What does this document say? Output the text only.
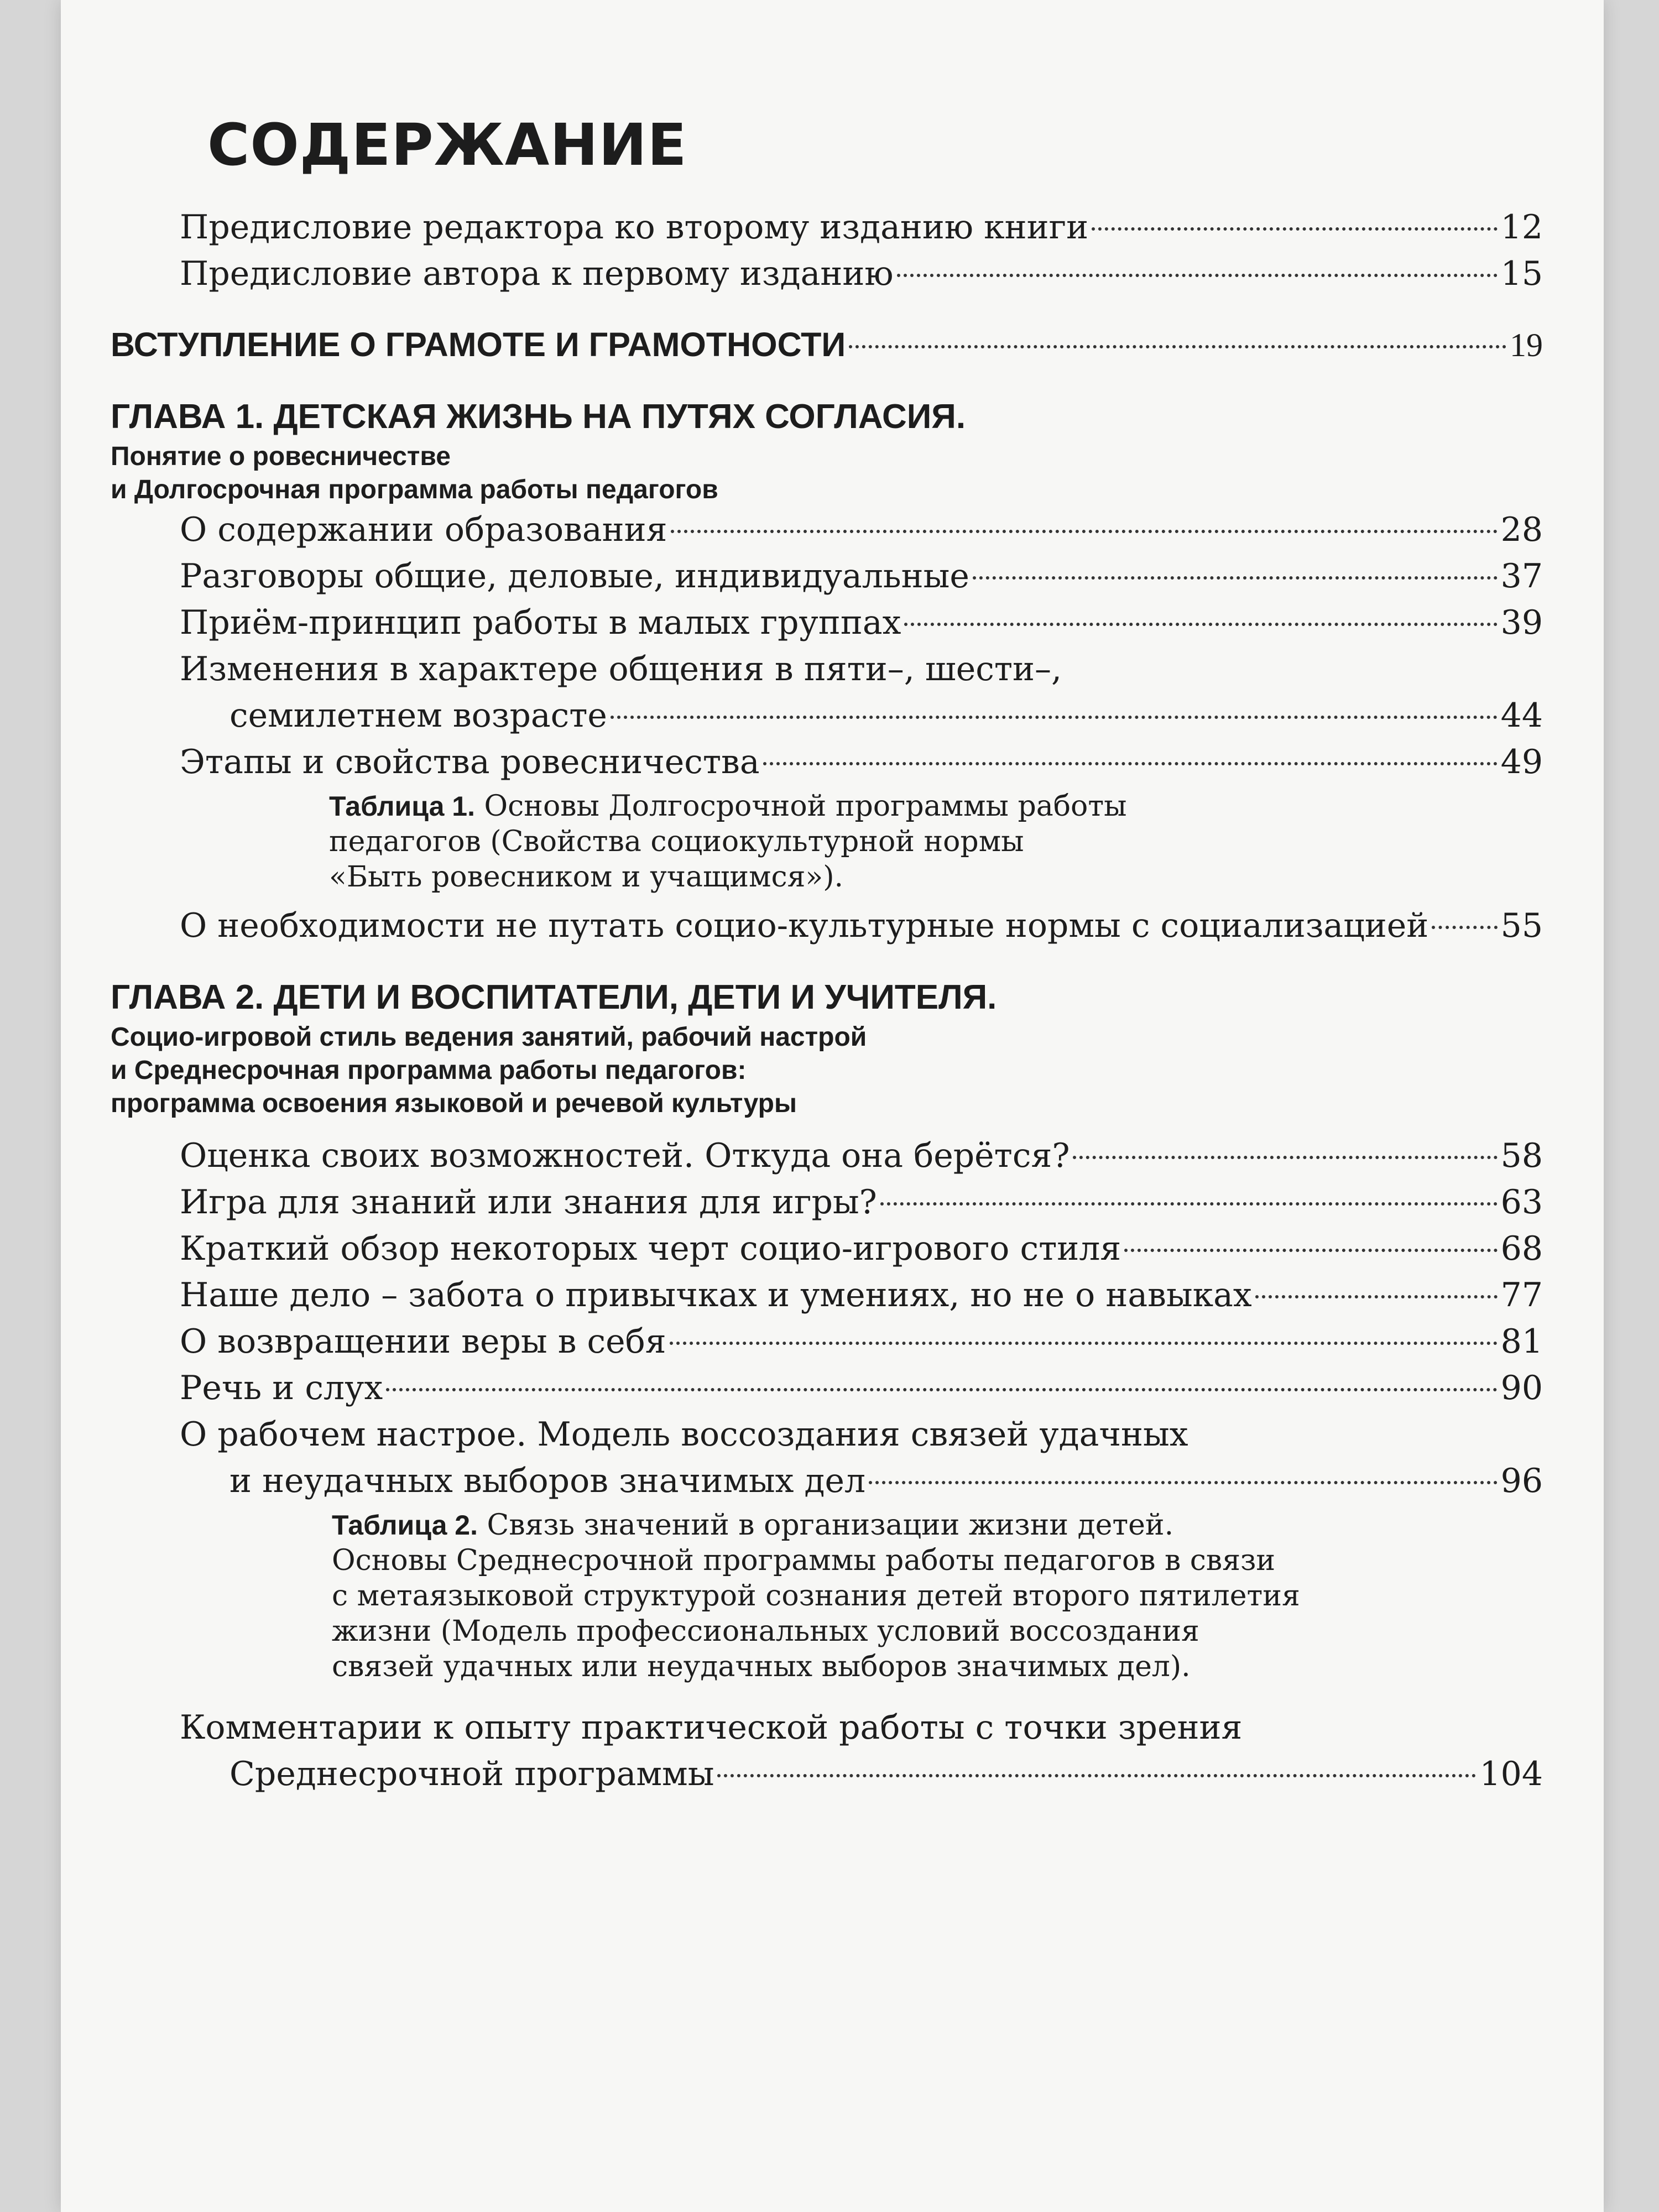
СОДЕРЖАНИЕ
Предисловие редактора ко второму изданию книги	12
Предисловие автора к первому изданию	15
ВСТУПЛЕНИЕ О ГРАМОТЕ И ГРАМОТНОСТИ	19
ГЛАВА 1. ДЕТСКАЯ ЖИЗНЬ НА ПУТЯХ СОГЛАСИЯ.
Понятие о ровесничестве
и Долгосрочная программа работы педагогов
О содержании образования	28
Разговоры общие, деловые, индивидуальные	37
Приём-принцип работы в малых группах	39
Изменения в характере общения в пяти–, шести–,
семилетнем возрасте	44
Этапы и свойства ровесничества	49
Таблица 1. Основы Долгосрочной программы работы
педагогов (Свойства социокультурной нормы
«Быть ровесником и учащимся»).
О необходимости не путать социо-культурные нормы с социализацией 55
ГЛАВА 2. ДЕТИ И ВОСПИТАТЕЛИ, ДЕТИ И УЧИТЕЛЯ.
Социо-игровой стиль ведения занятий, рабочий настрой
и Среднесрочная программа работы педагогов:
программа освоения языковой и речевой культуры
Оценка своих возможностей. Откуда она берётся?	58
Игра для знаний или знания для игры?	63
Краткий обзор некоторых черт социо-игрового стиля	68
Наше дело – забота о привычках и умениях, но не о навыках	77
О возвращении веры в себя	81
Речь и слух	90
О рабочем настрое. Модель воссоздания связей удачных
и неудачных выборов значимых дел	96
Таблица 2. Связь значений в организации жизни детей.
Основы Среднесрочной программы работы педагогов в связи
с метаязыковой структурой сознания детей второго пятилетия
жизни (Модель профессиональных условий воссоздания
связей удачных или неудачных выборов значимых дел).
Комментарии к опыту практической работы с точки зрения
Среднесрочной программы	104
